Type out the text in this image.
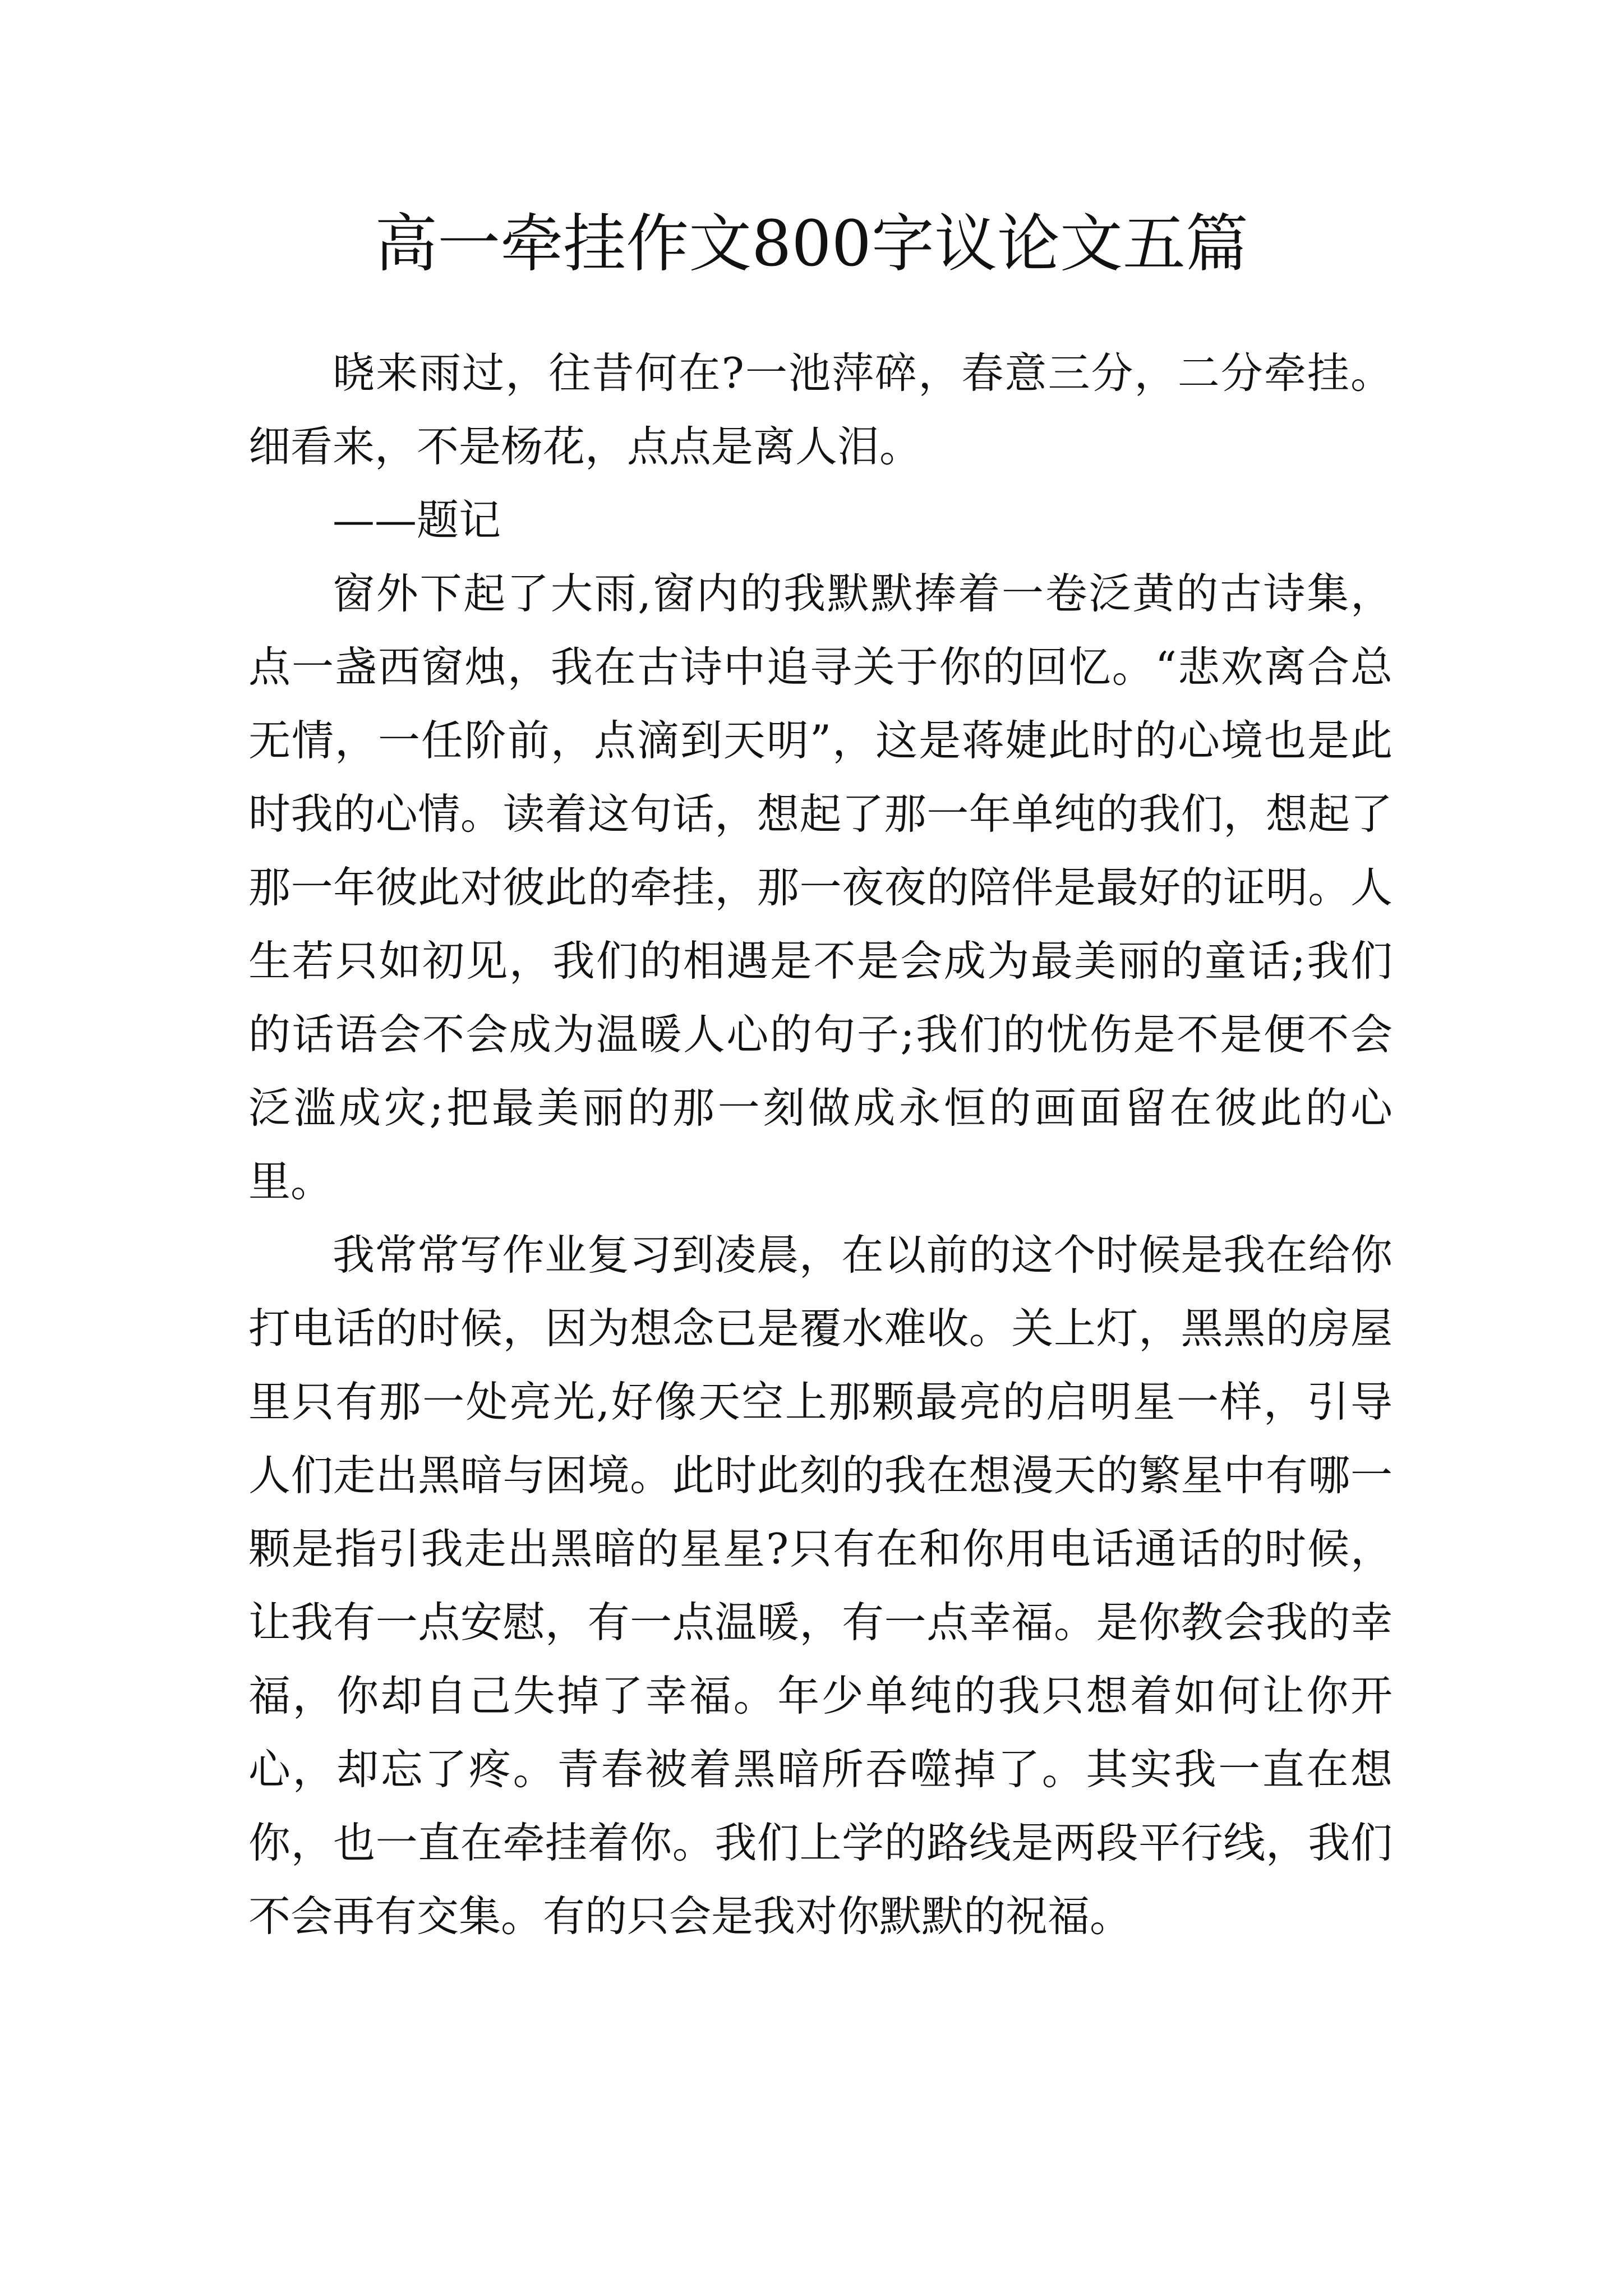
高一牵挂作文800字议论文五篇

晓来雨过，往昔何在?一池萍碎，春意三分，二分牵挂。细看来，不是杨花，点点是离人泪。

——题记

窗外下起了大雨,窗内的我默默捧着一卷泛黄的古诗集，点一盏西窗烛，我在古诗中追寻关于你的回忆。“悲欢离合总无情，一任阶前，点滴到天明”，这是蒋婕此时的心境也是此时我的心情。读着这句话，想起了那一年单纯的我们，想起了那一年彼此对彼此的牵挂，那一夜夜的陪伴是最好的证明。人生若只如初见，我们的相遇是不是会成为最美丽的童话;我们的话语会不会成为温暖人心的句子;我们的忧伤是不是便不会泛滥成灾;把最美丽的那一刻做成永恒的画面留在彼此的心里。

我常常写作业复习到凌晨，在以前的这个时候是我在给你打电话的时候，因为想念已是覆水难收。关上灯，黑黑的房屋里只有那一处亮光,好像天空上那颗最亮的启明星一样，引导人们走出黑暗与困境。此时此刻的我在想漫天的繁星中有哪一颗是指引我走出黑暗的星星?只有在和你用电话通话的时候，让我有一点安慰，有一点温暖，有一点幸福。是你教会我的幸福，你却自己失掉了幸福。年少单纯的我只想着如何让你开心，却忘了疼。青春被着黑暗所吞噬掉了。其实我一直在想你，也一直在牵挂着你。我们上学的路线是两段平行线，我们不会再有交集。有的只会是我对你默默的祝福。
